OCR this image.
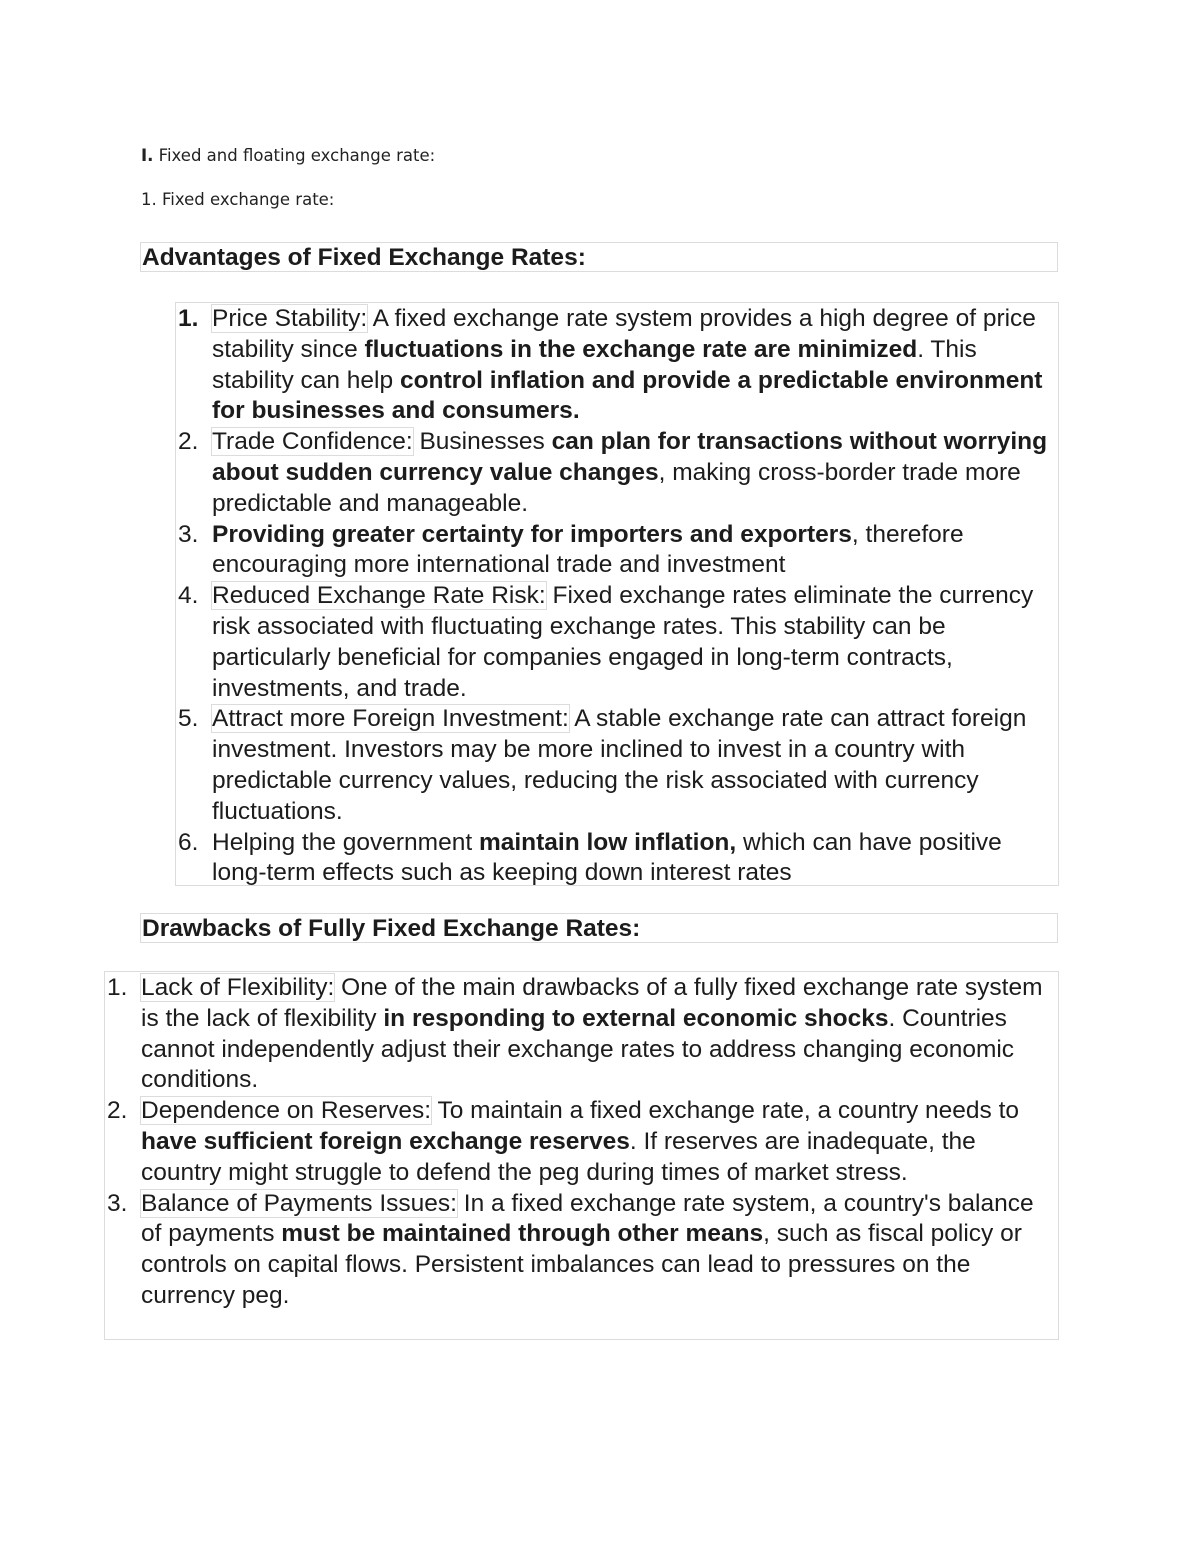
I. Fixed and floating exchange rate:
1. Fixed exchange rate:
Advantages of Fixed Exchange Rates:
1. Price Stability: A fixed exchange rate system provides a high degree of price stability since fluctuations in the exchange rate are minimized. This stability can help control inflation and provide a predictable environment for businesses and consumers.
2. Trade Confidence: Businesses can plan for transactions without worrying about sudden currency value changes, making cross-border trade more predictable and manageable.
3. Providing greater certainty for importers and exporters, therefore encouraging more international trade and investment
4. Reduced Exchange Rate Risk: Fixed exchange rates eliminate the currency risk associated with fluctuating exchange rates. This stability can be particularly beneficial for companies engaged in long-term contracts, investments, and trade.
5. Attract more Foreign Investment: A stable exchange rate can attract foreign investment. Investors may be more inclined to invest in a country with predictable currency values, reducing the risk associated with currency fluctuations.
6. Helping the government maintain low inflation, which can have positive long-term effects such as keeping down interest rates
Drawbacks of Fully Fixed Exchange Rates:
1. Lack of Flexibility: One of the main drawbacks of a fully fixed exchange rate system is the lack of flexibility in responding to external economic shocks. Countries cannot independently adjust their exchange rates to address changing economic conditions.
2. Dependence on Reserves: To maintain a fixed exchange rate, a country needs to have sufficient foreign exchange reserves. If reserves are inadequate, the country might struggle to defend the peg during times of market stress.
3. Balance of Payments Issues: In a fixed exchange rate system, a country's balance of payments must be maintained through other means, such as fiscal policy or controls on capital flows. Persistent imbalances can lead to pressures on the currency peg.
